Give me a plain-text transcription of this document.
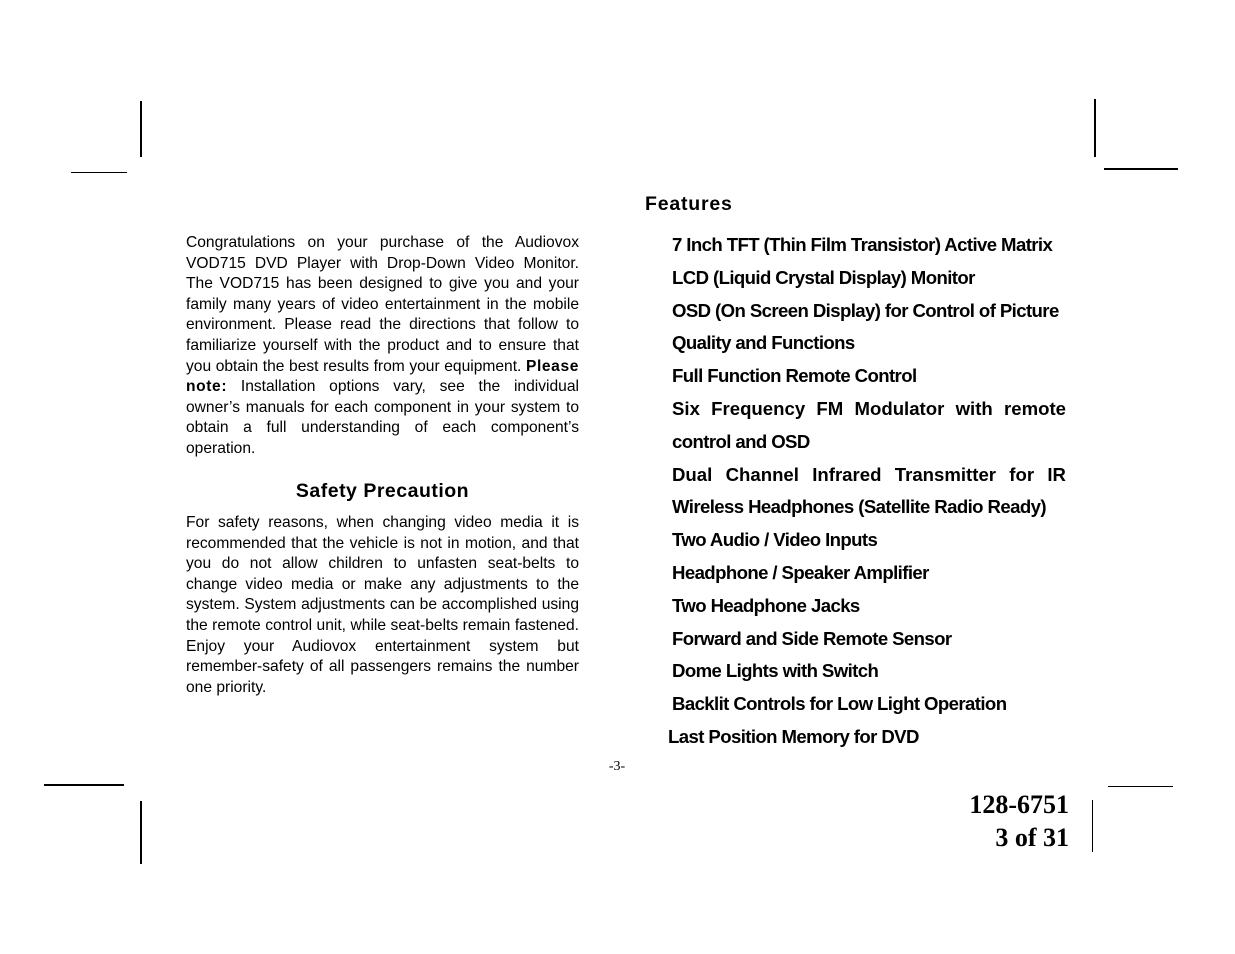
Congratulations on your purchase of the Audiovox VOD715 DVD Player with Drop-Down Video Monitor. The VOD715 has been designed to give you and your family many years of video entertainment in the mobile environment. Please read the directions that follow to familiarize yourself with the product and to ensure that you obtain the best results from your equipment. Please note: Installation options vary, see the individual owner’s manuals for each component in your system to obtain a full understanding of each component’s operation.

Safety Precaution

For safety reasons, when changing video media it is recommended that the vehicle is not in motion, and that you do not allow children to unfasten seat-belts to change video media or make any adjustments to the system. System adjustments can be accomplished using the remote control unit, while seat-belts remain fastened. Enjoy your Audiovox entertainment system but remember-safety of all passengers remains the number one priority.

Features
7 Inch TFT (Thin Film Transistor) Active Matrix
LCD (Liquid Crystal Display) Monitor
OSD (On Screen Display) for Control of Picture
Quality and Functions
Full Function Remote Control
Six Frequency FM Modulator with remote
control and OSD
Dual Channel Infrared Transmitter for IR
Wireless Headphones (Satellite Radio Ready)
Two Audio / Video Inputs
Headphone / Speaker Amplifier
Two Headphone Jacks
Forward and Side Remote Sensor
Dome Lights with Switch
Backlit Controls for Low Light Operation
Last Position Memory for DVD
-3-
128-6751
3 of 31
